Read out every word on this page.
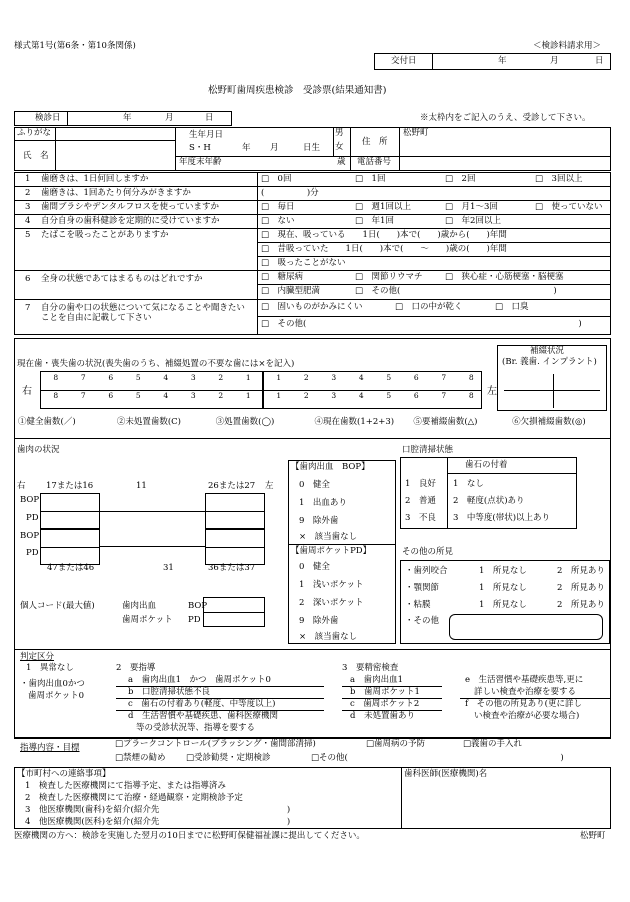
様式第1号(第6条・第10条関係)	＜検診料請求用＞
交付日	年	月	日
松野町歯周疾患検診　受診票(結果通知書)
検診日	年	月	日	※太枠内をご記入のうえ、受診して下さい。
ふりがな
氏　名
生年月日
S・H	年 月	日生
年度末年齢	歳
男
女 住　所
松野町
電話番号
1 歯磨きは、1日何回しますか	□　0回	□　1回	□　2回	□　3回以上
2 歯磨きは、1回あたり何分みがきますか	(　　　　　)分
3 歯間ブラシやデンタルフロスを使っていますか	□　毎日	□　週1回以上	□　月1～3回	□　使っていない
4 自分自身の歯科健診を定期的に受けていますか	□　ない	□　年1回	□　年2回以上
5 たばこを吸ったことがありますか	□　現在、吸っている　　1日(　　)本で(　　)歳から(　　)年間
□　昔吸っていた　　1日(　　)本で(　　～　　)歳の(　　)年間
□　吸ったことがない
6 全身の状態であてはまるものはどれですか	□　糖尿病	□　関節リウマチ	□　狭心症・心筋梗塞・脳梗塞
□　内臓型肥満	□　その他(　　　　　　　　　　　　　　　　　　)
7 自分の歯や口の状態について気になることや聞きたいことを自由に記載して下さい
□　固いものがかみにくい	□　口の中が乾く	□　口臭
□　その他(　　　　　　　　　　　　　　　　　　　　　　　　　　　　　　　　)
現在歯・喪失歯の状況(喪失歯のうち、補綴処置の不要な歯には×を記入)
右	左
8	7	6	5	4	3	2	1	1	2	3	4	5	6	7	8
8	7	6	5	4	3	2	1	1	2	3	4	5	6	7	8
補綴状況
(Br. 義歯. インプラント)
①健全歯数(／)	②未処置歯数(C)	③処置歯数(◯)	④現在歯数(1+2+3) ⑤要補綴歯数(△)	⑥欠損補綴歯数(◎)
歯肉の状況
右	左
17または16	11	26または27
47または46	31	36または37
BOP
PD
BOP
PD
個人コード(最大値)	歯肉出血
歯周ポケット
BOP
PD
【歯肉出血　BOP】
0　健全
1　出血あり
9　除外歯
×　該当歯なし
【歯周ポケットPD】
0　健全
1　浅いポケット
2　深いポケット
9　除外歯
×　該当歯なし
口腔清掃状態
歯石の付着
1　良好 1　なし
2　普通 2　軽度(点状)あり
3　不良 3　中等度(帯状)以上あり
その他の所見
・歯列咬合	1　所見なし	2　所見あり
・顎関節	1　所見なし	2　所見あり
・粘膜	1　所見なし	2　所見あり
・その他
判定区分
1　異常なし
・歯肉出血0かつ
歯周ポケット0
2　要指導
a　歯肉出血1　かつ　歯周ポケット0
b　口腔清掃状態不良
c　歯石の付着あり(軽度、中等度以上)
d　生活習慣や基礎疾患、歯科医療機関
等の受診状況等、指導を要する
3　要精密検査
a　歯肉出血1
b　歯周ポケット1
c　歯周ポケット2
d　未処置歯あり
e　生活習慣や基礎疾患等,更に
詳しい検査や治療を要する
f　その他の所見あり(更に詳し
い検査や治療が必要な場合)
指導内容・目標	□プラークコントロール(ブラッシング・歯間部清掃)	□歯周病の予防	□義歯の手入れ
□禁煙の勧め □受診勧奨・定期検診	□その他(　　　　　　　　　　　　　　　　　　　　　　　　　)
【市町村への連絡事項】
1　検査した医療機関にて指導予定、または指導済み
2　検査した医療機関にて治療・経過観察・定期検診予定
3　他医療機関(歯科)を紹介(紹介先　　　　　　　　　　　　　　　)
4　他医療機関(医科)を紹介(紹介先　　　　　　　　　　　　　　　)
歯科医師(医療機関)名
医療機関の方へ：検診を実施した翌月の10日までに松野町保健福祉課に提出してください。	松野町
